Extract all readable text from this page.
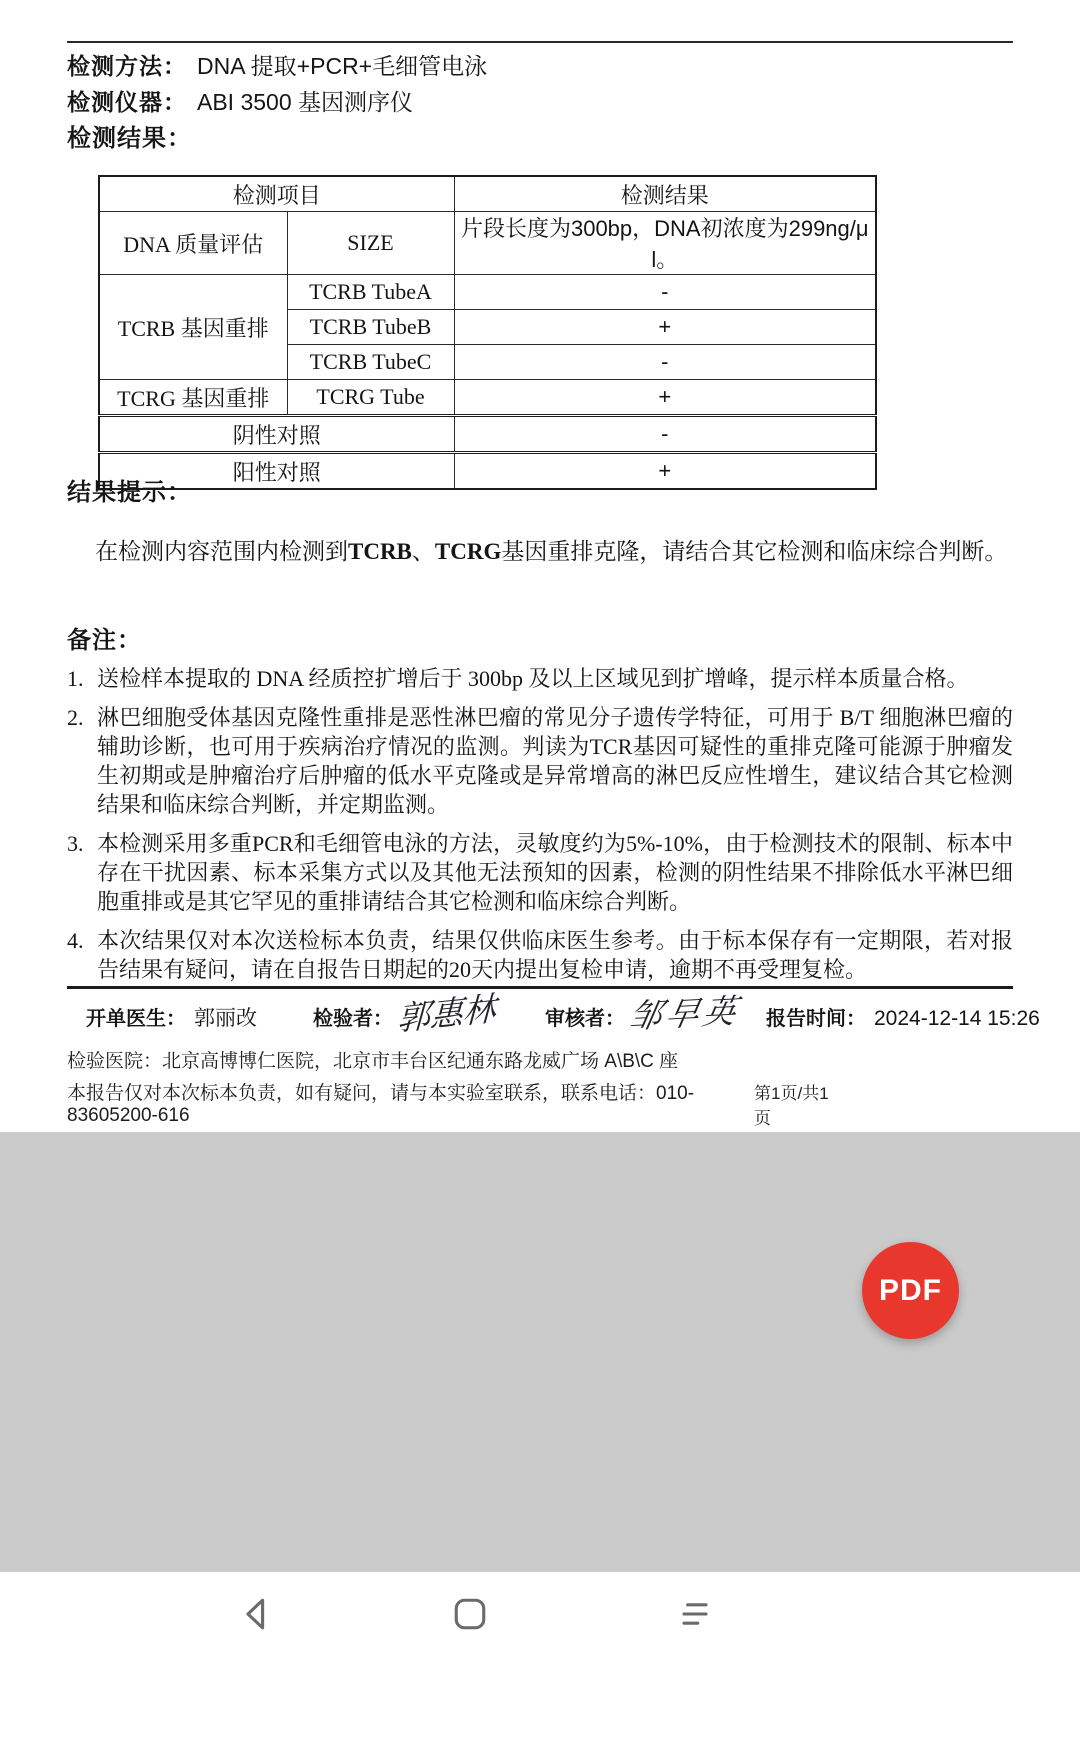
检测方法： DNA 提取+PCR+毛细管电泳
检测仪器： ABI 3500 基因测序仪
检测结果：
检测项目		检测结果
DNA 质量评估	SIZE	片段长度为300bp，DNA初浓度为299ng/μ l。
TCRB 基因重排	TCRB TubeA	-
	TCRB TubeB	+
	TCRB TubeC	-
TCRG 基因重排	TCRG Tube	+
阴性对照		-
阳性对照		+
结果提示：
在检测内容范围内检测到TCRB、TCRG基因重排克隆，请结合其它检测和临床综合判断。
备注：
1. 送检样本提取的 DNA 经质控扩增后于 300bp 及以上区域见到扩增峰，提示样本质量合格。
2. 淋巴细胞受体基因克隆性重排是恶性淋巴瘤的常见分子遗传学特征，可用于 B/T 细胞淋巴瘤的辅助诊断，也可用于疾病治疗情况的监测。判读为TCR基因可疑性的重排克隆可能源于肿瘤发生初期或是肿瘤治疗后肿瘤的低水平克隆或是异常增高的淋巴反应性增生，建议结合其它检测结果和临床综合判断，并定期监测。
3. 本检测采用多重PCR和毛细管电泳的方法，灵敏度约为5%-10%，由于检测技术的限制、标本中存在干扰因素、标本采集方式以及其他无法预知的因素，检测的阴性结果不排除低水平淋巴细胞重排或是其它罕见的重排请结合其它检测和临床综合判断。
4. 本次结果仅对本次送检标本负责，结果仅供临床医生参考。由于标本保存有一定期限，若对报告结果有疑问，请在自报告日期起的20天内提出复检申请，逾期不再受理复检。
开单医生： 郭丽改	检验者： 郭惠林 审核者： 邹早英 报告时间： 2024-12-14 15:26
检验医院：北京高博博仁医院，北京市丰台区纪通东路龙威广场 A\B\C 座
本报告仅对本次标本负责，如有疑问，请与本实验室联系，联系电话：010-83605200-616
第1页/共1页
PDF
